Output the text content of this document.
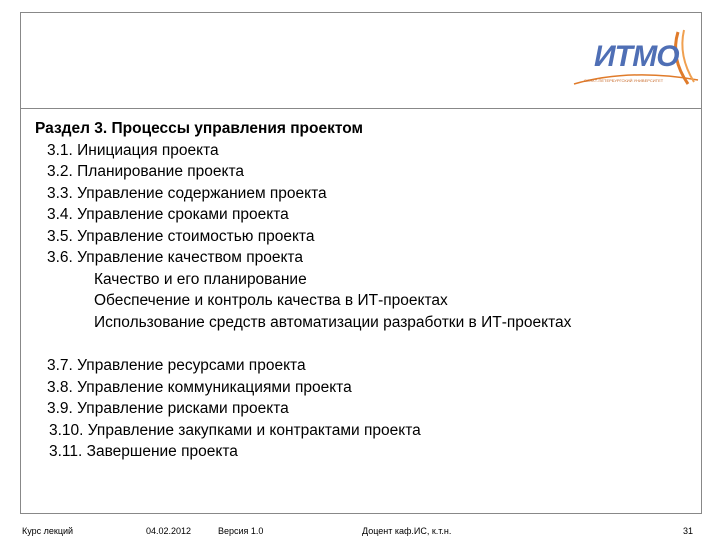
ИТМО
САНКТ-ПЕТЕРБУРГСКИЙ УНИВЕРСИТЕТ
Раздел 3. Процессы управления проектом
3.1. Инициация проекта
3.2. Планирование проекта
3.3. Управление содержанием проекта
3.4. Управление сроками проекта
3.5. Управление стоимостью проекта
3.6. Управление качеством проекта
Качество и его планирование
Обеспечение и контроль качества в ИТ-проектах
Использование средств автоматизации разработки в ИТ-проектах
3.7. Управление ресурсами проекта
3.8. Управление коммуникациями проекта
3.9. Управление рисками проекта
3.10. Управление закупками и контрактами проекта
3.11. Завершение проекта
Курс лекций	04.02.2012	Версия 1.0	Доцент каф.ИС, к.т.н.	31
